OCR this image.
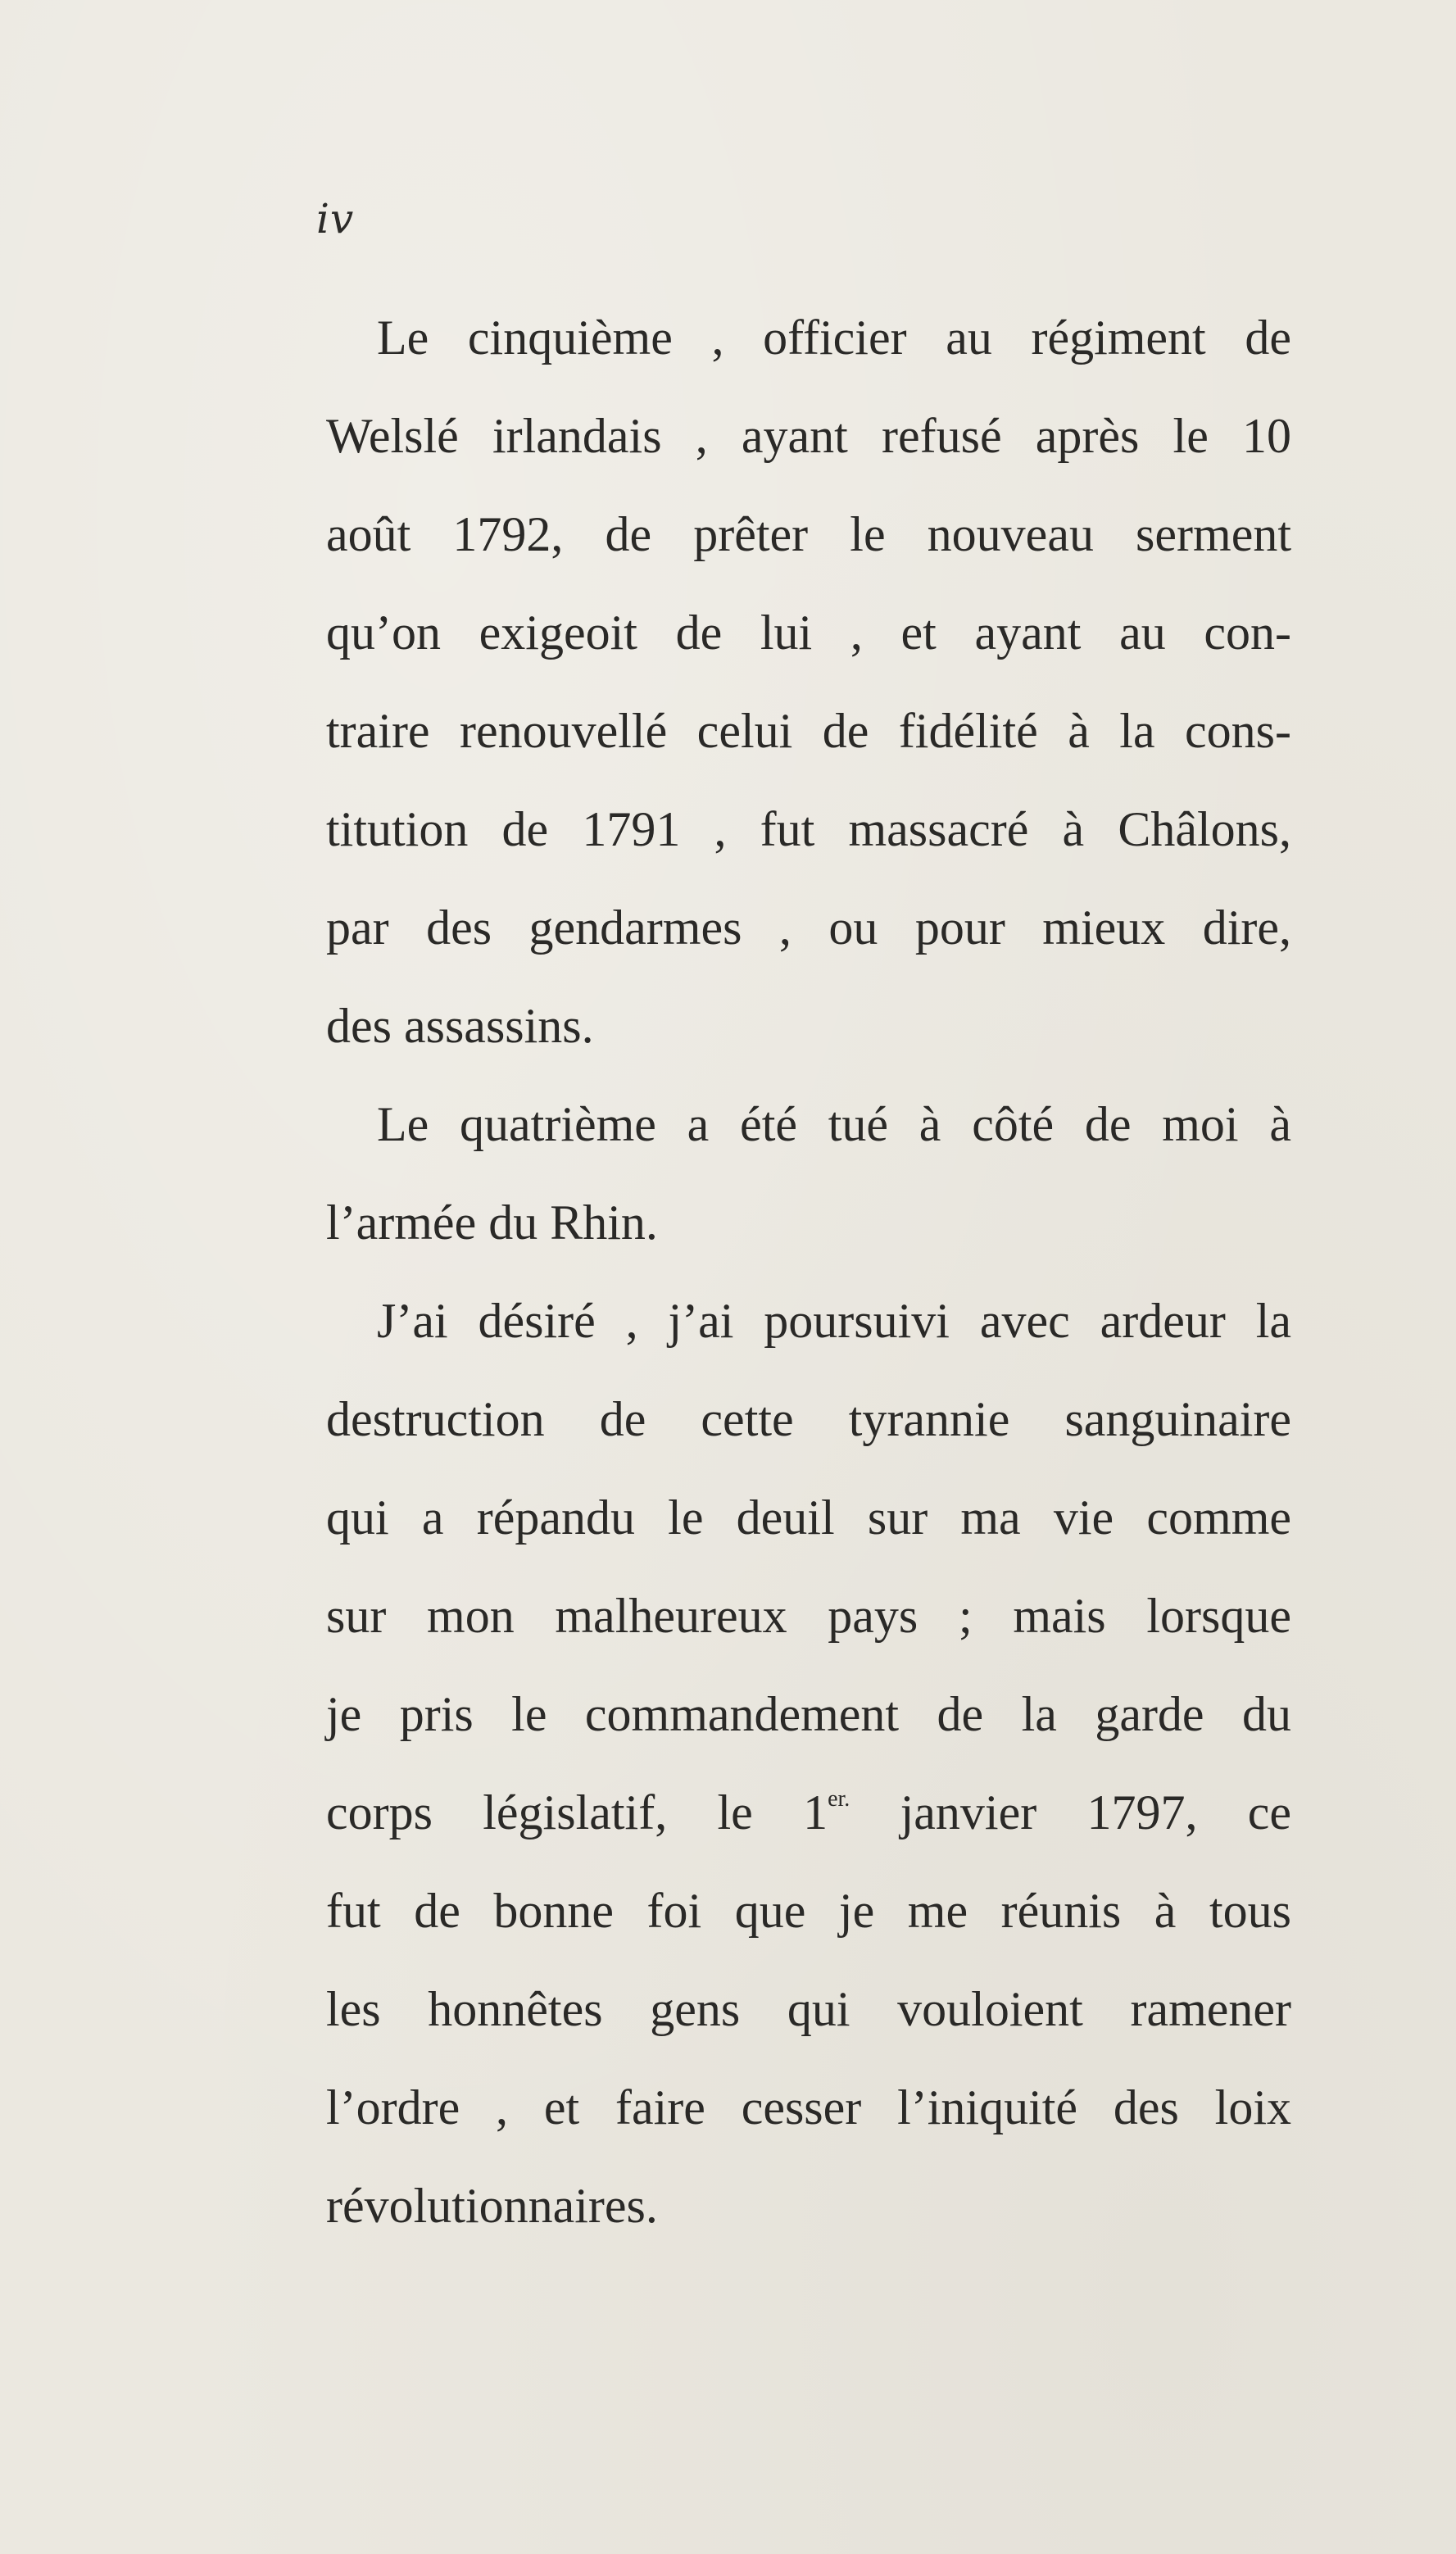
iv
Le cinquième , officier au régiment de
Welslé irlandais , ayant refusé après le 10
août 1792, de prêter le nouveau serment
qu’on exigeoit de lui , et ayant au con-
traire renouvellé celui de fidélité à la cons-
titution de 1791 , fut massacré à Châlons,
par des gendarmes , ou pour mieux dire,
des assassins.
Le quatrième a été tué à côté de moi à
l’armée du Rhin.
J’ai désiré , j’ai poursuivi avec ardeur la
destruction de cette tyrannie sanguinaire
qui a répandu le deuil sur ma vie comme
sur mon malheureux pays ; mais lorsque
je pris le commandement de la garde du
corps législatif, le $1^{er.}$ janvier 1797, ce
fut de bonne foi que je me réunis à tous
les honnêtes gens qui vouloient ramener
l’ordre , et faire cesser l’iniquité des loix
révolutionnaires.
